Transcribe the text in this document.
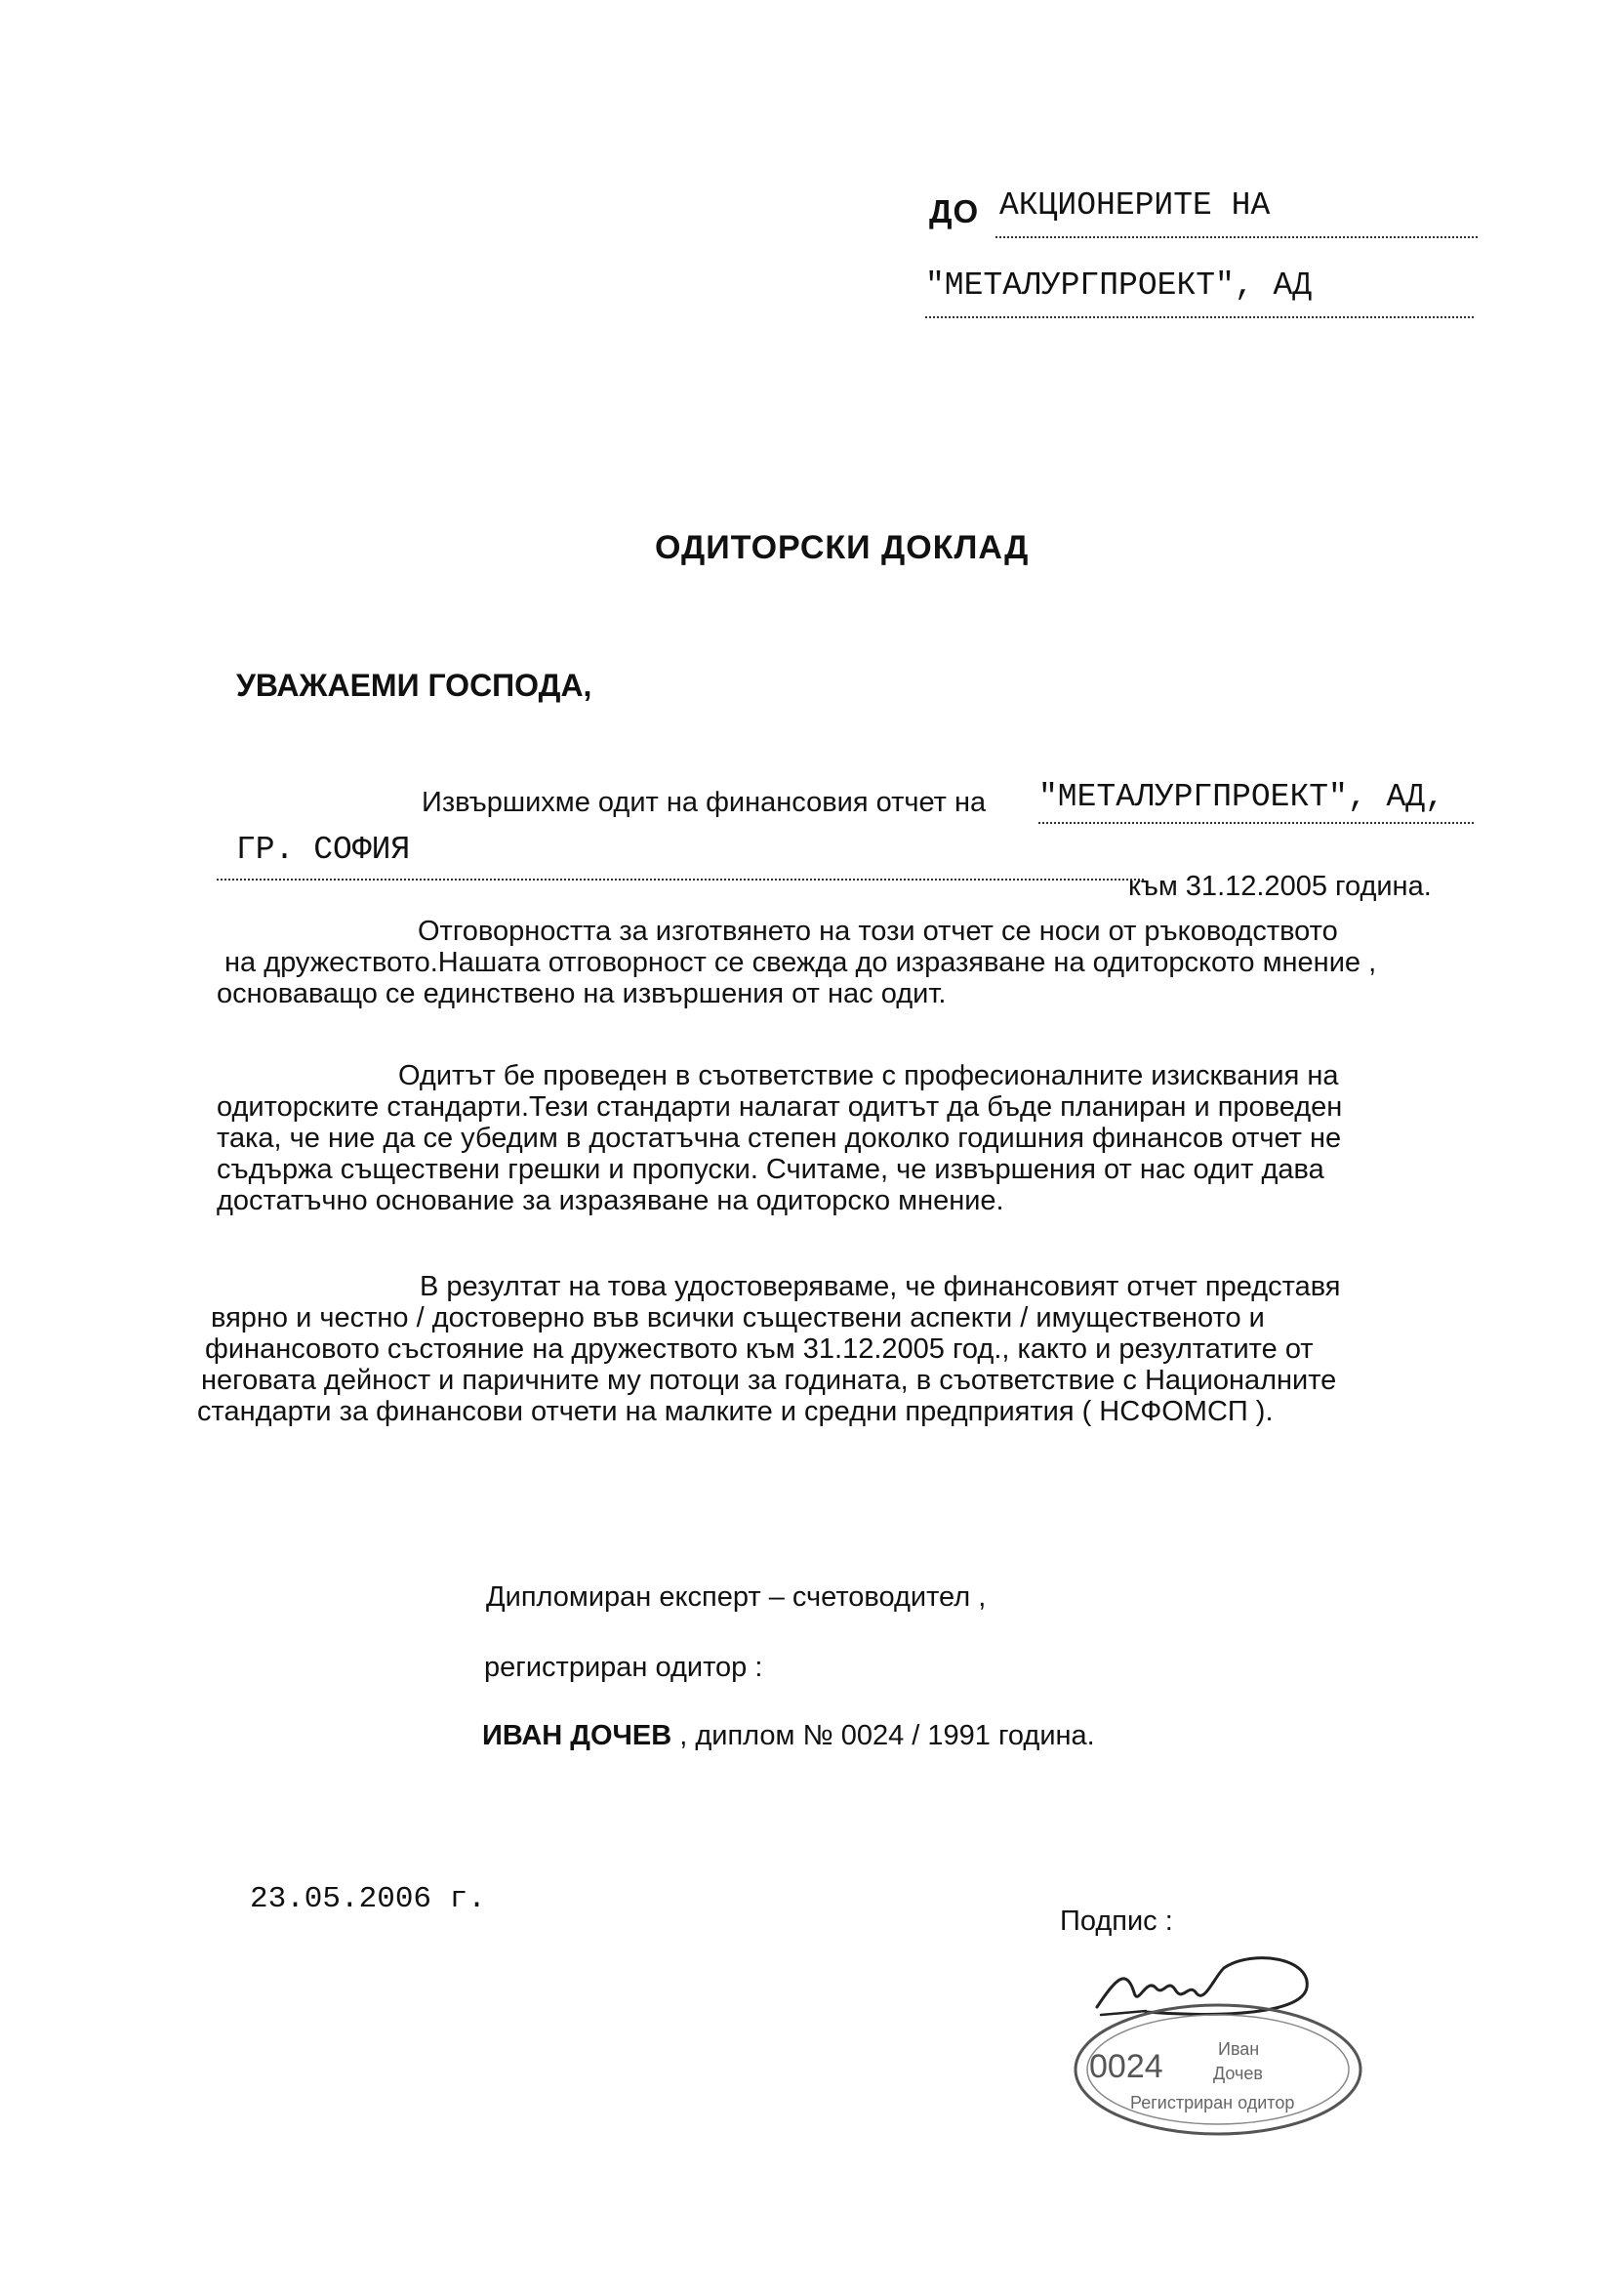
ДО АКЦИОНЕРИТЕ НА
"МЕТАЛУРГПРОЕКТ", АД
ОДИТОРСКИ ДОКЛАД
УВАЖАЕМИ ГОСПОДА,
Извършихме одит на финансовия отчет на "МЕТАЛУРГПРОЕКТ", АД,
ГР. СОФИЯ
към 31.12.2005 година.
Отговорността за изготвянето на този отчет се носи от ръководството
на дружеството.Нашата отговорност се свежда до изразяване на одиторското мнение ,
основаващо се единствено на извършения от нас одит.
Одитът бе проведен в съответствие с професионалните изисквания на
одиторските стандарти.Тези стандарти налагат одитът да бъде планиран и проведен
така, че ние да се убедим в достатъчна степен доколко годишния финансов отчет не
съдържа съществени грешки и пропуски. Считаме, че извършения от нас одит дава
достатъчно основание за изразяване на одиторско мнение.
В резултат на това удостоверяваме, че финансовият отчет представя
вярно и честно / достоверно във всички съществени аспекти / имущественото и
финансовото състояние на дружеството към 31.12.2005 год., както и резултатите от
неговата дейност и паричните му потоци за годината, в съответствие с Националните
стандарти за финансови отчети на малките и средни предприятия ( НСФОМСП ).
Дипломиран експерт – счетоводител ,
регистриран одитор :
ИВАН ДОЧЕВ , диплом № 0024 / 1991 година.
23.05.2006 г.
Подпис :
0024	Иван
Дочев
Регистриран одитор
